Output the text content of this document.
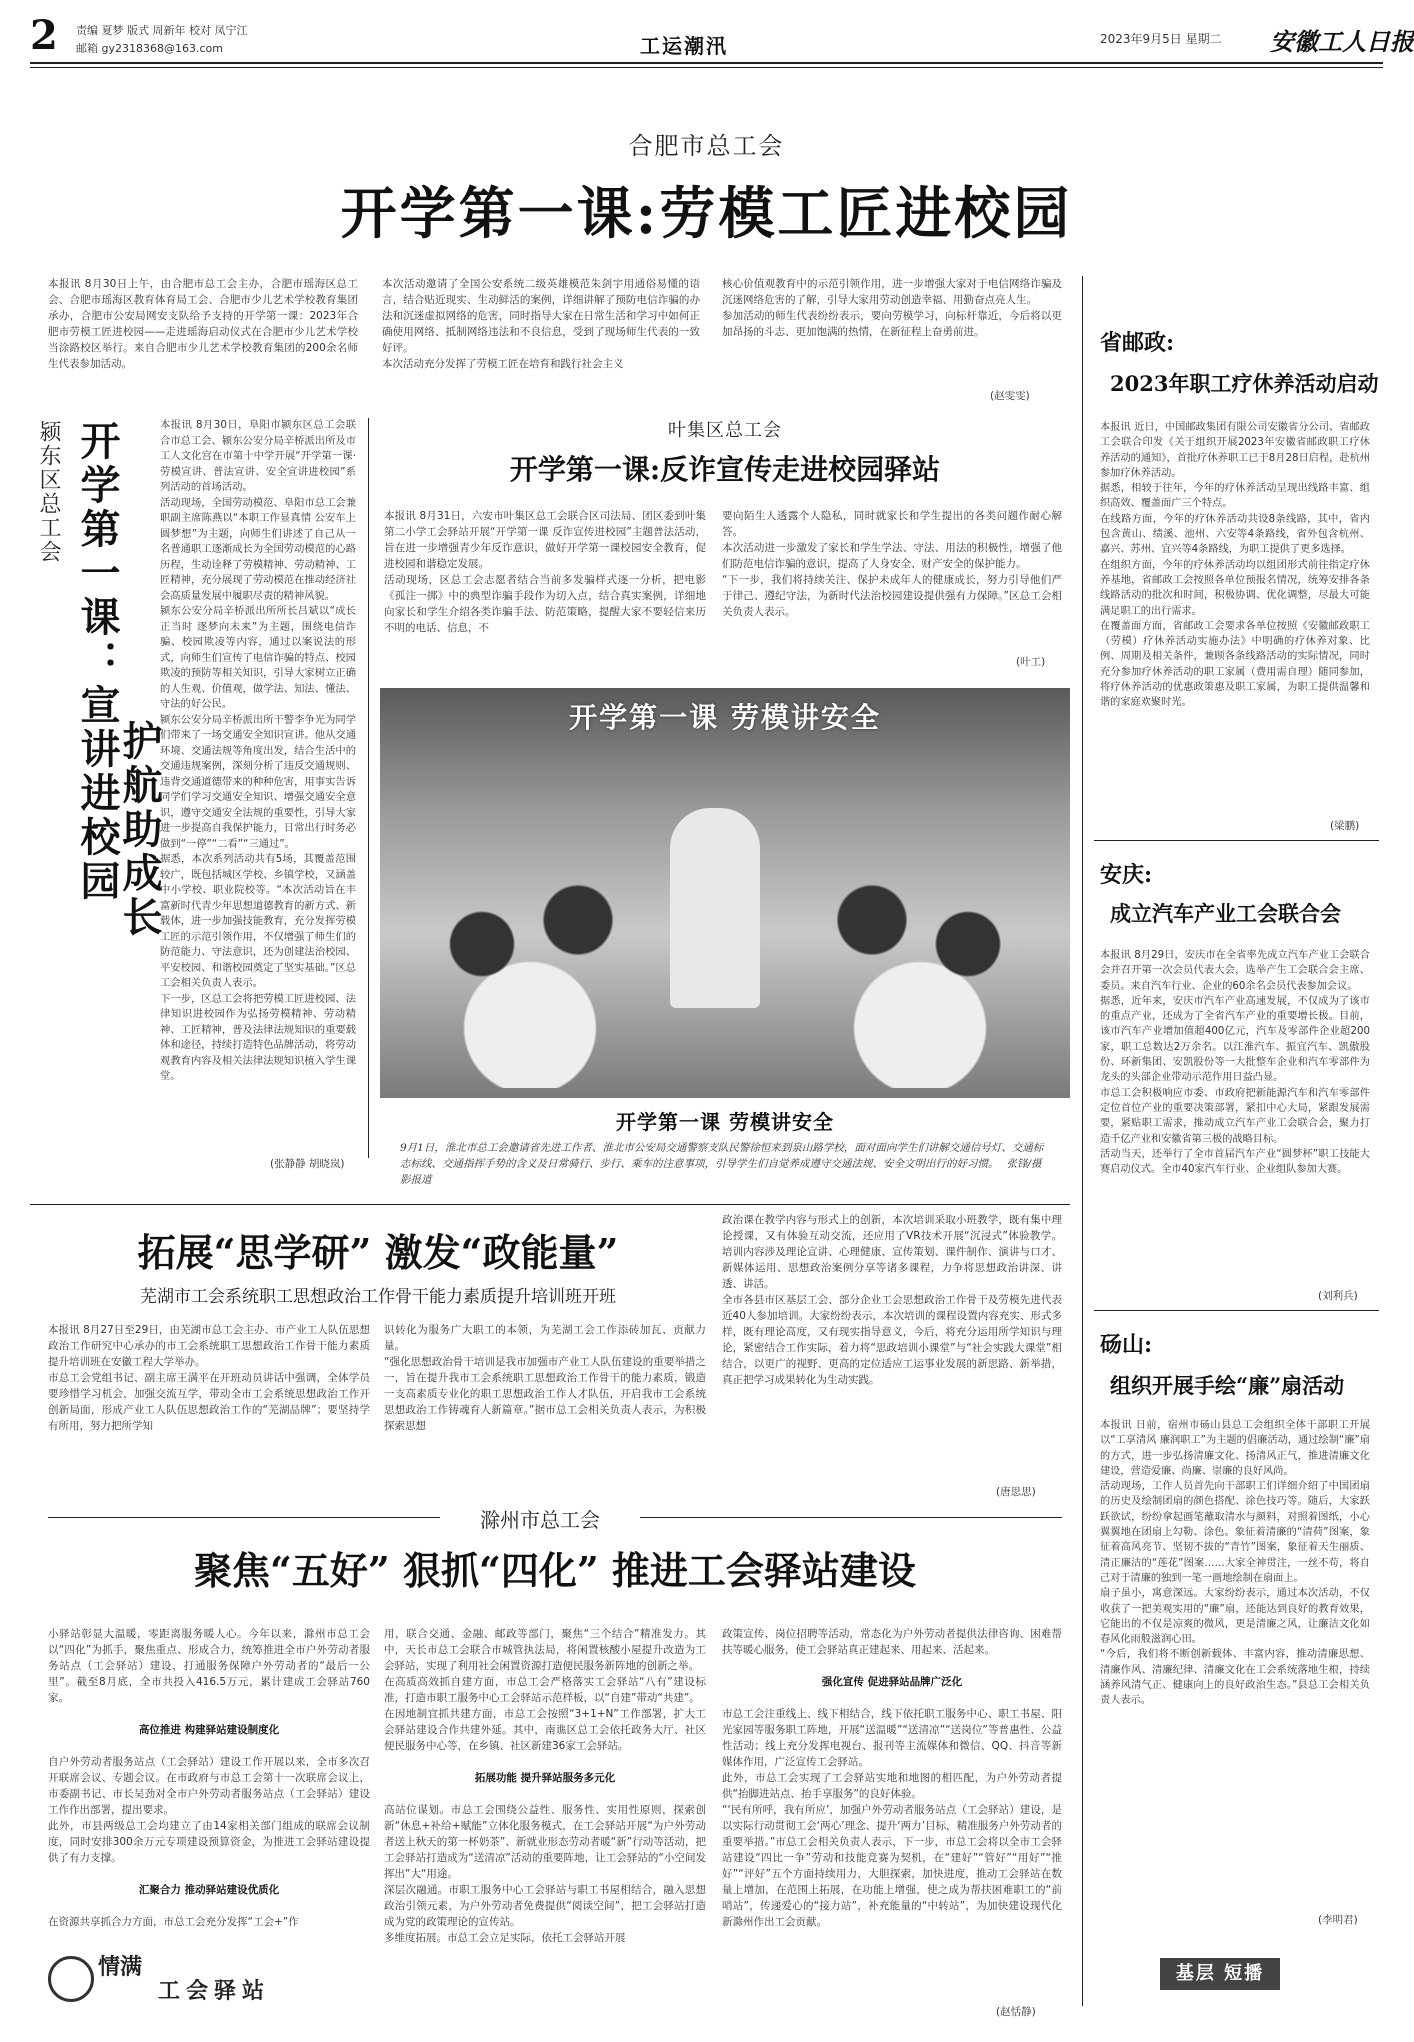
2 责编 夏梦 版式 周新年 校对 凤宁江
邮箱 gy2318368@163.com	工运潮汛	2023年9月5日 星期二 安徽工人日报
合肥市总工会
开学第一课:劳模工匠进校园

本报讯 8月30日上午，由合肥市总工会主办，合肥市瑶海区总工会、合肥市瑶海区教育体育局工会、合肥市少儿艺术学校教育集团承办，合肥市公安局网安支队给予支持的开学第一课：2023年合肥市劳模工匠进校园——走进瑶海启动仪式在合肥市少儿艺术学校当涂路校区举行。来自合肥市少儿艺术学校教育集团的200余名师生代表参加活动。

本次活动邀请了全国公安系统二级英雄模范朱剑宇用通俗易懂的语言，结合贴近现实、生动鲜活的案例，详细讲解了预防电信诈骗的办法和沉迷虚拟网络的危害，同时指导大家在日常生活和学习中如何正确使用网络、抵制网络违法和不良信息，受到了现场师生代表的一致好评。
本次活动充分发挥了劳模工匠在培育和践行社会主义

核心价值观教育中的示范引领作用，进一步增强大家对于电信网络诈骗及沉迷网络危害的了解，引导大家用劳动创造幸福、用勤奋点亮人生。
参加活动的师生代表纷纷表示，要向劳模学习，向标杆靠近，今后将以更加昂扬的斗志、更加饱满的热情，在新征程上奋勇前进。

(赵雯雯)
颍东区总工会 开学第一课：宣讲进校园
护航助成长

本报讯 8月30日，阜阳市颍东区总工会联合市总工会、颍东公安分局辛桥派出所及市工人文化宫在市第十中学开展“开学第一课·劳模宣讲、普法宣讲、安全宣讲进校园”系列活动的首场活动。
活动现场，全国劳动模范、阜阳市总工会兼职副主席陈燕以“本职工作显真情 公安车上圆梦想”为主题，向师生们讲述了自己从一名普通职工逐渐成长为全国劳动模范的心路历程，生动诠释了劳模精神、劳动精神、工匠精神，充分展现了劳动模范在推动经济社会高质量发展中履职尽责的精神风貌。
颍东公安分局辛桥派出所所长吕斌以“成长正当时 逐梦向未来”为主题，围绕电信诈骗、校园欺凌等内容，通过以案说法的形式，向师生们宣传了电信诈骗的特点、校园欺凌的预防等相关知识，引导大家树立正确的人生观、价值观，做学法、知法、懂法、守法的好公民。
颍东公安分局辛桥派出所干警李争光为同学们带来了一场交通安全知识宣讲。他从交通环境、交通法规等角度出发，结合生活中的交通违规案例，深刻分析了违反交通规则、违背交通道德带来的种种危害，用事实告诉同学们学习交通安全知识、增强交通安全意识，遵守交通安全法规的重要性，引导大家进一步提高自我保护能力，日常出行时务必做到“一停”“二看”“三通过”。
据悉，本次系列活动共有5场，其覆盖范围较广，既包括城区学校、乡镇学校，又涵盖中小学校、职业院校等。“本次活动旨在丰富新时代青少年思想道德教育的新方式、新载体，进一步加强技能教育，充分发挥劳模工匠的示范引领作用，不仅增强了师生们的防范能力、守法意识，还为创建法治校园、平安校园、和谐校园奠定了坚实基础。”区总工会相关负责人表示。
下一步，区总工会将把劳模工匠进校园、法律知识进校园作为弘扬劳模精神、劳动精神、工匠精神，普及法律法规知识的重要载体和途径，持续打造特色品牌活动，将劳动观教育内容及相关法律法规知识植入学生课堂。

(张静静 胡晓岚)
叶集区总工会
开学第一课:反诈宣传走进校园驿站

本报讯 8月31日，六安市叶集区总工会联合区司法局、团区委到叶集第二小学工会驿站开展“开学第一课 反诈宣传进校园”主题普法活动，旨在进一步增强青少年反诈意识，做好开学第一课校园安全教育，促进校园和谐稳定发展。
活动现场，区总工会志愿者结合当前多发骗样式逐一分析，把电影《孤注一掷》中的典型诈骗手段作为切入点，结合真实案例，详细地向家长和学生介绍各类诈骗手法、防范策略，提醒大家不要轻信来历不明的电话、信息，不

要向陌生人透露个人隐私，同时就家长和学生提出的各类问题作耐心解答。
本次活动进一步激发了家长和学生学法、守法、用法的积极性，增强了他们防范电信诈骗的意识，提高了人身安全、财产安全的保护能力。
“下一步，我们将持续关注、保护未成年人的健康成长，努力引导他们严于律己、遵纪守法，为新时代法治校园建设提供强有力保障。”区总工会相关负责人表示。

(叶工)
开学第一课 劳模讲安全
开学第一课 劳模讲安全
9月1日，淮北市总工会邀请省先进工作者、淮北市公安局交通警察支队民警徐恒来到泉山路学校，面对面向学生们讲解交通信号灯、交通标志标线、交通指挥手势的含义及日常骑行、步行、乘车的注意事项，引导学生们自觉养成遵守交通法规、安全文明出行的好习惯。 张锋/摄影报道
拓展“思学研” 激发“政能量”
芜湖市工会系统职工思想政治工作骨干能力素质提升培训班开班

本报讯 8月27日至29日，由芜湖市总工会主办、市产业工人队伍思想政治工作研究中心承办的市工会系统职工思想政治工作骨干能力素质提升培训班在安徽工程大学举办。
市总工会党组书记、副主席王满平在开班动员讲话中强调，全体学员要珍惜学习机会，加强交流互学，带动全市工会系统思想政治工作开创新局面，形成产业工人队伍思想政治工作的“芜湖品牌”；要坚持学有所用，努力把所学知

识转化为服务广大职工的本领，为芜湖工会工作添砖加瓦、贡献力量。
“强化思想政治骨干培训是我市加强市产业工人队伍建设的重要举措之一，旨在提升我市工会系统职工思想政治工作骨干的能力素质，锻造一支高素质专业化的职工思想政治工作人才队伍，开启我市工会系统思想政治工作铸魂育人新篇章。”据市总工会相关负责人表示，为积极探索思想

政治课在教学内容与形式上的创新，本次培训采取小班教学，既有集中理论授课，又有体验互动交流，还应用了VR技术开展“沉浸式”体验教学。培训内容涉及理论宣讲、心理健康、宣传策划、课件制作、演讲与口才、新媒体运用、思想政治案例分享等诸多课程，力争将思想政治讲深、讲透、讲活。
全市各县市区基层工会、部分企业工会思想政治工作骨干及劳模先进代表近40人参加培训。大家纷纷表示，本次培训的课程设置内容充实、形式多样，既有理论高度，又有现实指导意义，今后，将充分运用所学知识与理论，紧密结合工作实际，着力将“思政培训小课堂”与“社会实践大课堂”相结合，以更广的视野、更高的定位适应工运事业发展的新思路、新举措，真正把学习成果转化为生动实践。

(唐思思)
滁州市总工会
聚焦“五好” 狠抓“四化” 推进工会驿站建设

小驿站彰显大温暖，零距离服务暖人心。今年以来，滁州市总工会以“四化”为抓手，聚焦重点、形成合力，统筹推进全市户外劳动者服务站点（工会驿站）建设，打通服务保障户外劳动者的“最后一公里”。截至8月底，全市共投入416.5万元，累计建成工会驿站760家。

高位推进 构建驿站建设制度化

自户外劳动者服务站点（工会驿站）建设工作开展以来，全市多次召开联席会议、专题会议。在市政府与市总工会第十一次联席会议上，市委副书记、市长吴劲对全市户外劳动者服务站点（工会驿站）建设工作作出部署，提出要求。
此外，市县两级总工会均建立了由14家相关部门组成的联席会议制度，同时安排300余万元专项建设预算资金，为推进工会驿站建设提供了有力支撑。

汇聚合力 推动驿站建设优质化

在资源共享抓合力方面，市总工会充分发挥“工会+”作

情满
工会驿站

用，联合交通、金融、邮政等部门，聚焦“三个结合”精准发力。其中，天长市总工会联合市城管执法局，将闲置核酸小屋提升改造为工会驿站，实现了利用社会闲置资源打造便民服务新阵地的创新之举。
在高质高效抓自建方面，市总工会严格落实工会驿站“八有”建设标准，打造市职工服务中心工会驿站示范样板，以“自建”带动“共建”。
在因地制宜抓共建方面，市总工会按照“3+1+N”工作部署，扩大工会驿站建设合作共建外延。其中，南谯区总工会依托政务大厅、社区便民服务中心等，在乡镇、社区新建36家工会驿站。

拓展功能 提升驿站服务多元化

高站位谋划。市总工会围绕公益性、服务性、实用性原则，探索创新“休息+补给+赋能”立体化服务模式，在工会驿站开展“为户外劳动者送上秋天的第一杯奶茶”、新就业形态劳动者暖“新”行动等活动，把工会驿站打造成为“送清凉”活动的重要阵地，让工会驿站的“小空间发挥出”大“用途。
深层次融通。市职工服务中心工会驿站与职工书屋相结合，融入思想政治引领元素，为户外劳动者免费提供“阅读空间”，把工会驿站打造成为党的政策理论的宣传站。
多维度拓展。市总工会立足实际，依托工会驿站开展

政策宣传、岗位招聘等活动，常态化为户外劳动者提供法律咨询、困难帮扶等暖心服务，使工会驿站真正建起来、用起来、活起来。

强化宣传 促进驿站品牌广泛化

市总工会注重线上、线下相结合，线下依托职工服务中心、职工书屋、阳光家园等服务职工阵地，开展“送温暖”“送清凉”“送岗位”等普惠性、公益性活动；线上充分发挥电视台、报刊等主流媒体和微信、QQ、抖音等新媒体作用，广泛宣传工会驿站。
此外，市总工会实现了工会驿站实地和地图的相匹配，为户外劳动者提供“抬脚进站点、抬手享服务”的良好体验。
“‘民有所呼，我有所应’，加强户外劳动者服务站点（工会驿站）建设，是以实际行动贯彻工会‘两心’理念、提升‘两力’目标，精准服务户外劳动者的重要举措。”市总工会相关负责人表示，下一步，市总工会将以全市工会驿站建设“四比一争”劳动和技能竞赛为契机，在“建好”“管好”“用好”“推好”“评好”五个方面持续用力，大胆探索，加快进度，推动工会驿站在数量上增加，在范围上拓展，在功能上增强，使之成为帮扶困难职工的“前哨站”，传递爱心的“接力站”，补充能量的“中转站”，为加快建设现代化新滁州作出工会贡献。

(赵恬静)
省邮政:
2023年职工疗休养活动启动

本报讯 近日，中国邮政集团有限公司安徽省分公司、省邮政工会联合印发《关于组织开展2023年安徽省邮政职工疗休养活动的通知》，首批疗休养职工已于8月28日启程，赴杭州参加疗休养活动。
据悉，相较于往年，今年的疗休养活动呈现出线路丰富、组织高效、覆盖面广三个特点。
在线路方面，今年的疗休养活动共设8条线路，其中，省内包含黄山、绩溪、池州、六安等4条路线，省外包含杭州、嘉兴、苏州、宜兴等4条路线，为职工提供了更多选择。
在组织方面，今年的疗休养活动均以组团形式前往指定疗休养基地，省邮政工会按照各单位预报名情况，统筹安排各条线路活动的批次和时间，积极协调、优化调整，尽最大可能满足职工的出行需求。
在覆盖面方面，省邮政工会要求各单位按照《安徽邮政职工（劳模）疗休养活动实施办法》中明确的疗休养对象、比例、周期及相关条件，兼顾各条线路活动的实际情况，同时充分参加疗休养活动的职工家属（费用需自理）随同参加，将疗休养活动的优惠政策惠及职工家属，为职工提供温馨和谐的家庭欢聚时光。

(梁鹏)
安庆:
成立汽车产业工会联合会

本报讯 8月29日，安庆市在全省率先成立汽车产业工会联合会并召开第一次会员代表大会，选举产生工会联合会主席、委员。来自汽车行业、企业的60余名会员代表参加会议。
据悉，近年来，安庆市汽车产业高速发展，不仅成为了该市的重点产业，还成为了全省汽车产业的重要增长极。目前，该市汽车产业增加值超400亿元，汽车及零部件企业超200家，职工总数达2万余名。以江淮汽车、振宜汽车、凯傲股份、环新集团、安凯股份等一大批整车企业和汽车零部件为龙头的头部企业带动示范作用日益凸显。
市总工会积极响应市委、市政府把新能源汽车和汽车零部件定位首位产业的重要决策部署，紧扣中心大局，紧跟发展需要，紧贴职工需求，推动成立汽车产业工会联合会，聚力打造千亿产业和安徽省第三极的战略目标。
活动当天，还举行了全市首届汽车产业“圆梦杯”职工技能大赛启动仪式。全市40家汽车行业、企业组队参加大赛。

(刘利兵)
砀山:
组织开展手绘“廉”扇活动

本报讯 日前，宿州市砀山县总工会组织全体干部职工开展以“工享清风 廉润职工”为主题的倡廉活动，通过绘制“廉”扇的方式，进一步弘扬清廉文化、扬清风正气，推进清廉文化建设，营造爱廉、尚廉、崇廉的良好风尚。
活动现场，工作人员首先向干部职工们详细介绍了中国团扇的历史及绘制团扇的颜色搭配、涂色技巧等。随后，大家跃跃欲试，纷纷拿起画笔蘸取清水与颜料，对照着图纸，小心翼翼地在团扇上勾勒、涂色。象征着清廉的“清荷”图案，象征着高风亮节、坚韧不拔的“青竹”图案，象征着天生丽质、清正廉洁的“莲花”图案……大家全神贯注，一丝不苟，将自己对于清廉的独到一笔一画地绘制在扇面上。
扇子虽小，寓意深远。大家纷纷表示，通过本次活动，不仅收获了一把美观实用的“廉”扇，还能达到良好的教育效果，它能出的不仅是凉爽的微风，更是清廉之风，让廉洁文化如春风化雨般滋润心田。
“今后，我们将不断创新载体、丰富内容，推动清廉思想、清廉作风、清廉纪律、清廉文化在工会系统落地生根，持续涵养风清气正、健康向上的良好政治生态。”县总工会相关负责人表示。

(李明君)
基层 短播
